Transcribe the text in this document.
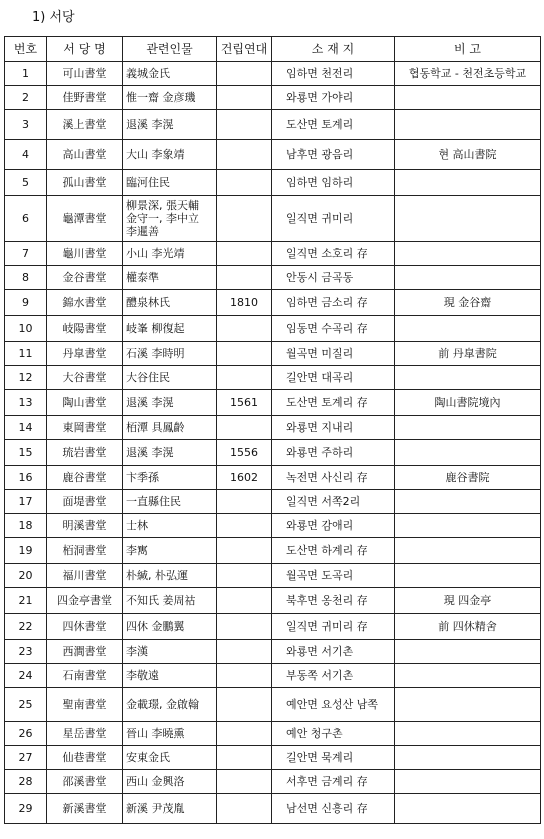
1) 서당
번호	서 당 명	관련인물	건립연대	소 재 지	비 고
1	可山書堂	義城金氏		임하면 천전리	협동학교 - 천전초등학교
2	佳野書堂	惟一齋 金彦璣		와룡면 가야리	
3	溪上書堂	退溪 李滉		도산면 토계리	
4	高山書堂	大山 李象靖		남후면 광음리	현 高山書院
5	孤山書堂	臨河住民		임하면 임하리	
6	龜潭書堂	柳景深, 張天輔 金守一, 李中立 李暹善		일직면 귀미리	
7	龜川書堂	小山 李光靖		일직면 소호리 存	
8	金谷書堂	權泰準		안동시 금곡동	
9	錦水書堂	醴泉林氏	1810	임하면 금소리 存	現 金谷齋
10	岐陽書堂	岐峯 柳復起		임동면 수곡리 存	
11	丹皐書堂	石溪 李時明		월곡면 미질리	前 丹皐書院
12	大谷書堂	大谷住民		길안면 대곡리	
13	陶山書堂	退溪 李滉	1561	도산면 토계리 存	陶山書院境內
14	東岡書堂	栢潭 具鳳齡		와룡면 지내리	
15	琉岩書堂	退溪 李滉	1556	와룡면 주하리	
16	鹿谷書堂	卞季孫	1602	녹전면 사신리 存	鹿谷書院
17	面堤書堂	一直縣住民		일직면 서쪽2리	
18	明溪書堂	士林		와룡면 감애리	
19	栢洞書堂	李寯		도산면 하계리 存	
20	福川書堂	朴緘, 朴弘運		월곡면 도곡리	
21	四金亭書堂	不知氏 姜周祜		북후면 옹천리 存	現 四金亭
22	四休書堂	四休 金鵬翼		일직면 귀미리 存	前 四休精舍
23	西澗書堂	李漢		와룡면 서기촌	
24	石南書堂	李敬遠		부동쪽 서기촌	
25	聖南書堂	金載璟, 金啟翰		예안면 요성산 남쪽	
26	星岳書堂	晉山 李曉熏		예안 청구촌	
27	仙巷書堂	安東金氏		길안면 묵계리	
28	邵溪書堂	西山 金興洛		서후면 금계리 存	
29	新溪書堂	新溪 尹茂胤		남선면 신흥리 存	
